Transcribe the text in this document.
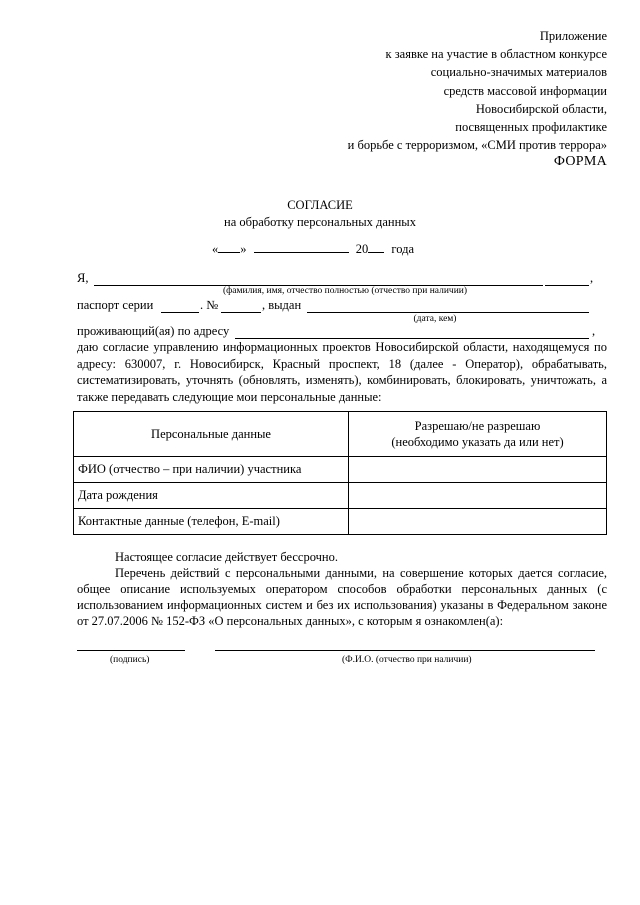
Приложение
к заявке на участие в областном конкурсе
социально-значимых материалов
средств массовой информации
Новосибирской области,
посвященных профилактике
и борьбе с терроризмом, «СМИ против террора»
ФОРМА
СОГЛАСИЕ
на обработку персональных данных
« »	20 года
Я,	,
(фамилия, имя, отчество полностью (отчество при наличии)
паспорт серии	. №	, выдан
(дата, кем)
проживающий(ая) по адресу	,
даю согласие управлению информационных проектов Новосибирской области, находящемуся по адресу: 630007, г. Новосибирск, Красный проспект, 18 (далее - Оператор), обрабатывать, систематизировать, уточнять (обновлять, изменять), комбинировать, блокировать, уничтожать, а также передавать следующие мои персональные данные:
Персональные данные	Разрешаю/не разрешаю
(необходимо указать да или нет)

ФИО (отчество – при наличии) участника	
Дата рождения	
Контактные данные (телефон, E-mail)	

Настоящее согласие действует бессрочно.

Перечень действий с персональными данными, на совершение которых дается согласие, общее описание используемых оператором способов обработки персональных данных (с использованием информационных систем и без их использования) указаны в Федеральном законе от 27.07.2006 № 152-ФЗ «О персональных данных», с которым я ознакомлен(а):

(подпись)	(Ф.И.О. (отчество при наличии)
